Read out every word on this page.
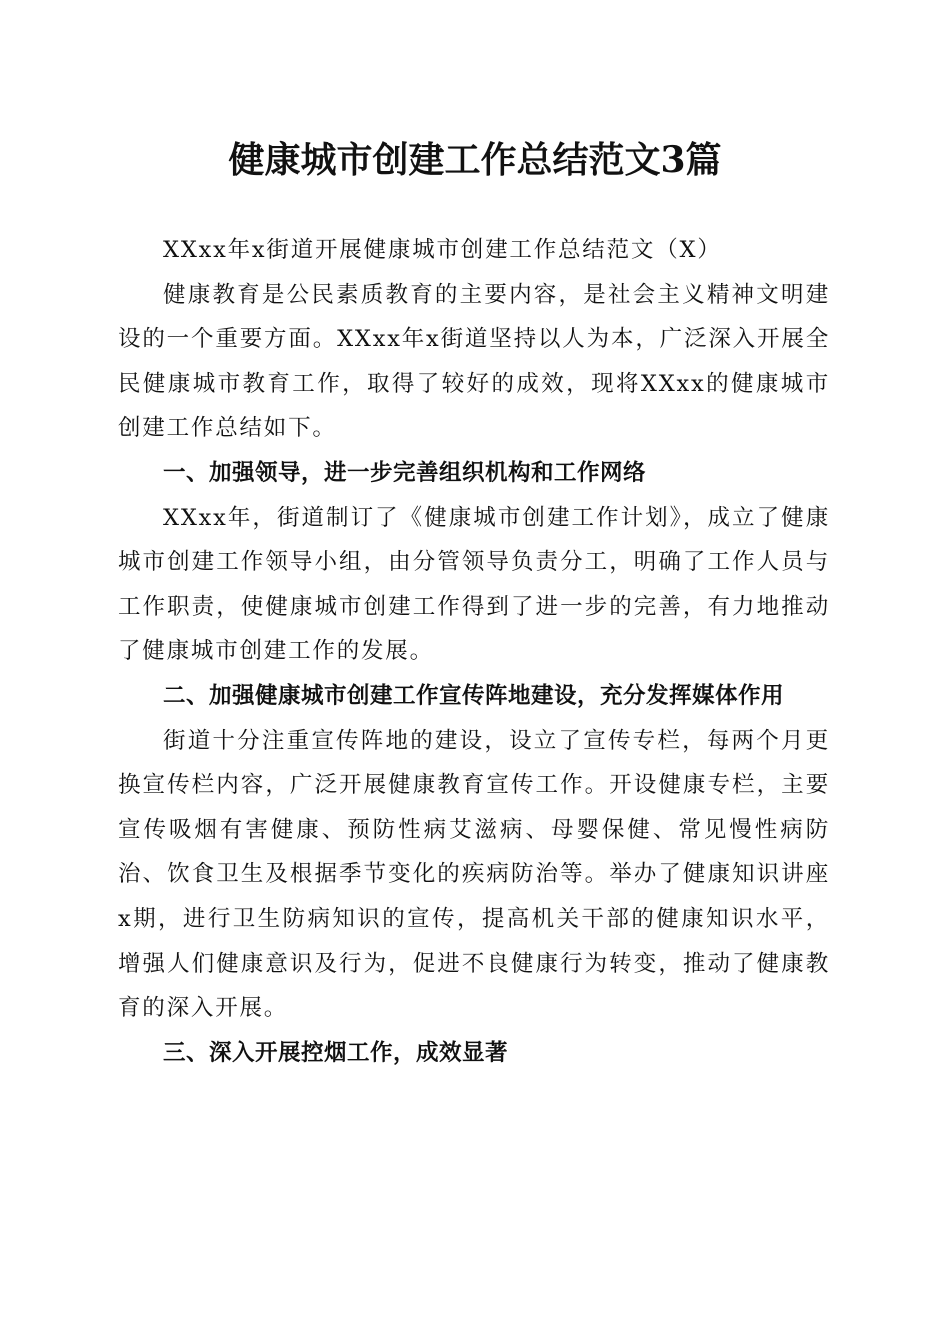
健康城市创建工作总结范文3篇

XXxx年x街道开展健康城市创建工作总结范文（X）

健康教育是公民素质教育的主要内容，是社会主义精神文明建设的一个重要方面。XXxx年x街道坚持以人为本，广泛深入开展全民健康城市教育工作，取得了较好的成效，现将XXxx的健康城市创建工作总结如下。

一、加强领导，进一步完善组织机构和工作网络

XXxx年，街道制订了《健康城市创建工作计划》，成立了健康城市创建工作领导小组，由分管领导负责分工，明确了工作人员与工作职责，使健康城市创建工作得到了进一步的完善，有力地推动了健康城市创建工作的发展。

二、加强健康城市创建工作宣传阵地建设，充分发挥媒体作用

街道十分注重宣传阵地的建设，设立了宣传专栏，每两个月更换宣传栏内容，广泛开展健康教育宣传工作。开设健康专栏，主要宣传吸烟有害健康、预防性病艾滋病、母婴保健、常见慢性病防治、饮食卫生及根据季节变化的疾病防治等。举办了健康知识讲座x期，进行卫生防病知识的宣传，提高机关干部的健康知识水平，增强人们健康意识及行为，促进不良健康行为转变，推动了健康教育的深入开展。

三、深入开展控烟工作，成效显著
